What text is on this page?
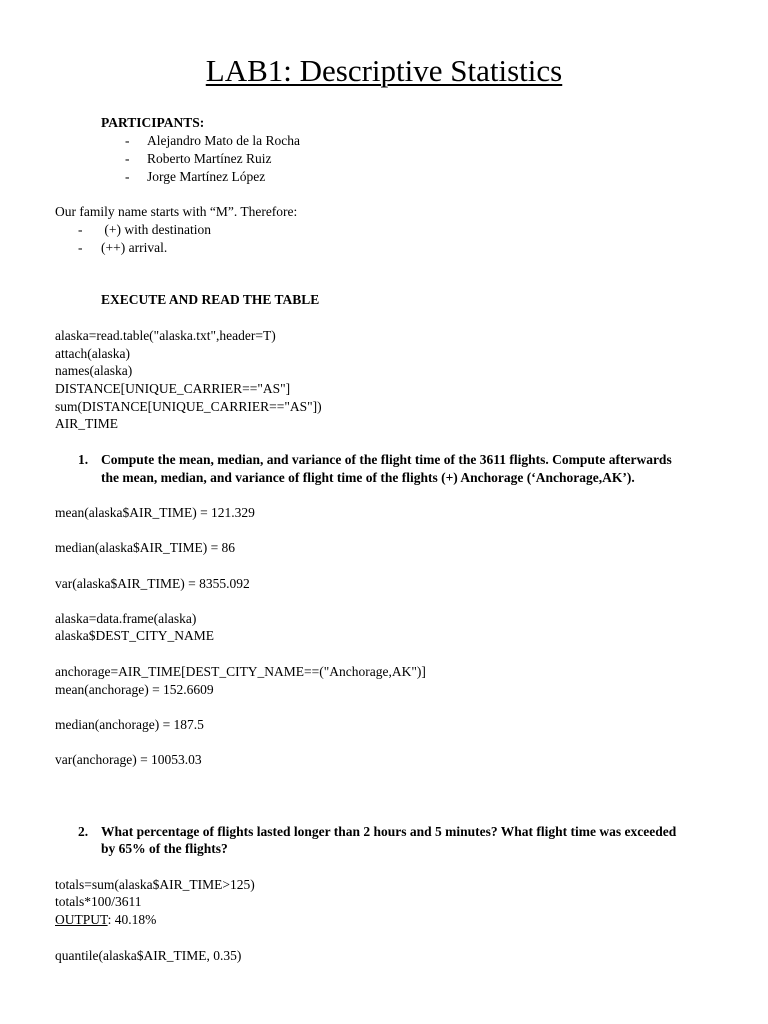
LAB1: Descriptive Statistics
PARTICIPANTS:
- Alejandro Mato de la Rocha
- Roberto Martínez Ruiz
- Jorge Martínez López
Our family name starts with “M”. Therefore:
- (+) with destination
- (++) arrival.
EXECUTE AND READ THE TABLE
alaska=read.table("alaska.txt",header=T)
attach(alaska)
names(alaska)
DISTANCE[UNIQUE_CARRIER=="AS"]
sum(DISTANCE[UNIQUE_CARRIER=="AS"])
AIR_TIME
1. Compute the mean, median, and variance of the flight time of the 3611 flights. Compute afterwards
the mean, median, and variance of flight time of the flights (+) Anchorage (‘Anchorage,AK’).
mean(alaska$AIR_TIME) = 121.329
median(alaska$AIR_TIME) = 86
var(alaska$AIR_TIME) = 8355.092
alaska=data.frame(alaska)
alaska$DEST_CITY_NAME
anchorage=AIR_TIME[DEST_CITY_NAME==("Anchorage,AK")]
mean(anchorage) = 152.6609
median(anchorage) = 187.5
var(anchorage) = 10053.03
2. What percentage of flights lasted longer than 2 hours and 5 minutes? What flight time was exceeded
by 65% of the flights?
totals=sum(alaska$AIR_TIME>125)
totals*100/3611
OUTPUT: 40.18%
quantile(alaska$AIR_TIME, 0.35)
